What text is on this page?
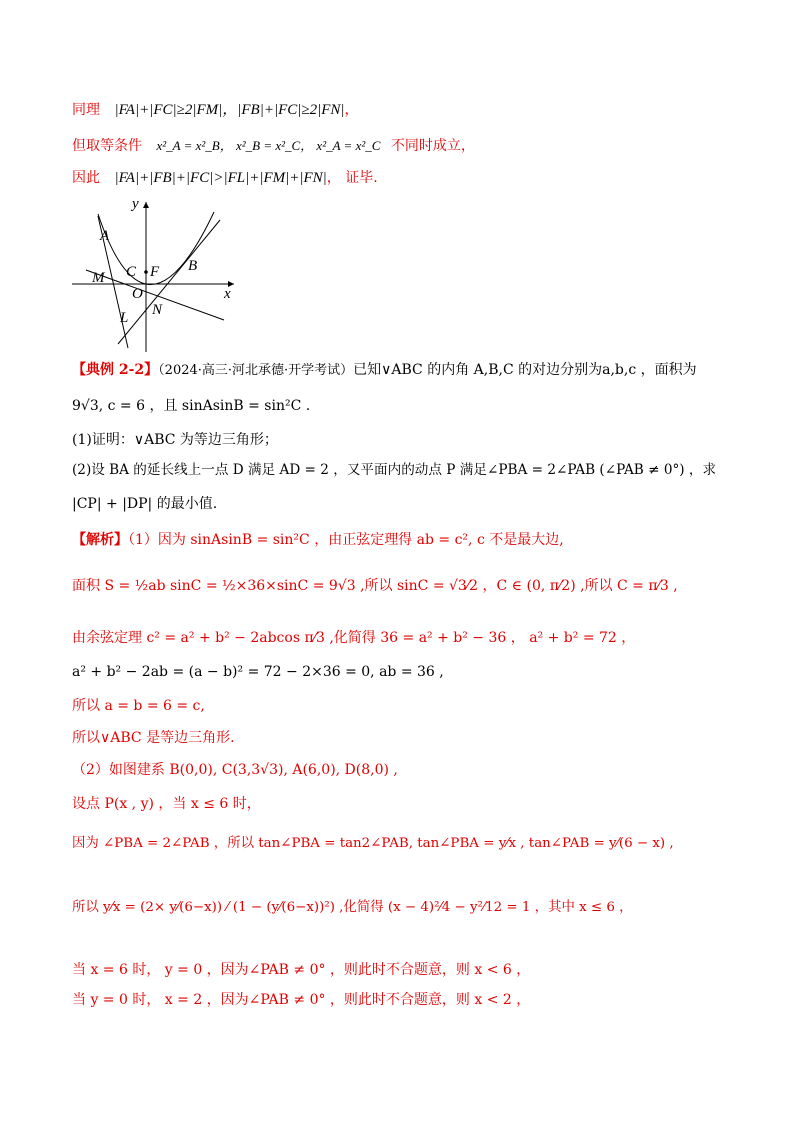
同理 |FA|+|FC|≥2|FM|，|FB|+|FC|≥2|FN|，
但取等条件 x²_A = x²_B， x²_B = x²_C， x²_A = x²_C 不同时成立，
因此 |FA|+|FB|+|FC|>|FL|+|FM|+|FN|， 证毕.
y
x
A
B
C F
M
O
N
L
【典例 2-2】（2024·高三·河北承德·开学考试）已知∨ABC 的内角 A,B,C 的对边分别为a,b,c ，面积为
9√3, c = 6 ，且 sinAsinB = sin²C .
(1)证明：∨ABC 为等边三角形；
(2)设 BA 的延长线上一点 D 满足 AD = 2 ，又平面内的动点 P 满足∠PBA = 2∠PAB (∠PAB ≠ 0°) ，求
|CP| + |DP| 的最小值.
【解析】（1）因为 sinAsinB = sin²C ，由正弦定理得 ab = c², c 不是最大边,
面积 S = ½ab sinC = ½×36×sinC = 9√3 ,所以 sinC = √3⁄2 ，C ∈ (0, π⁄2) ,所以 C = π⁄3 ,
由余弦定理 c² = a² + b² − 2abcos π⁄3 ,化简得 36 = a² + b² − 36 ， a² + b² = 72 ，
a² + b² − 2ab = (a − b)² = 72 − 2×36 = 0, ab = 36 ,
所以 a = b = 6 = c,
所以∨ABC 是等边三角形.
（2）如图建系 B(0,0), C(3,3√3), A(6,0), D(8,0) ,
设点 P(x , y) ，当 x ≤ 6 时，
因为 ∠PBA = 2∠PAB ，所以 tan∠PBA = tan2∠PAB, tan∠PBA = y⁄x , tan∠PAB = y⁄(6 − x) ,
所以 y⁄x = (2× y⁄(6−x)) ⁄ (1 − (y⁄(6−x))²) ,化简得 (x − 4)²⁄4 − y²⁄12 = 1 ，其中 x ≤ 6 ，
当 x = 6 时， y = 0 ，因为∠PAB ≠ 0° ，则此时不合题意，则 x < 6 ，
当 y = 0 时， x = 2 ，因为∠PAB ≠ 0° ，则此时不合题意，则 x < 2 ，
